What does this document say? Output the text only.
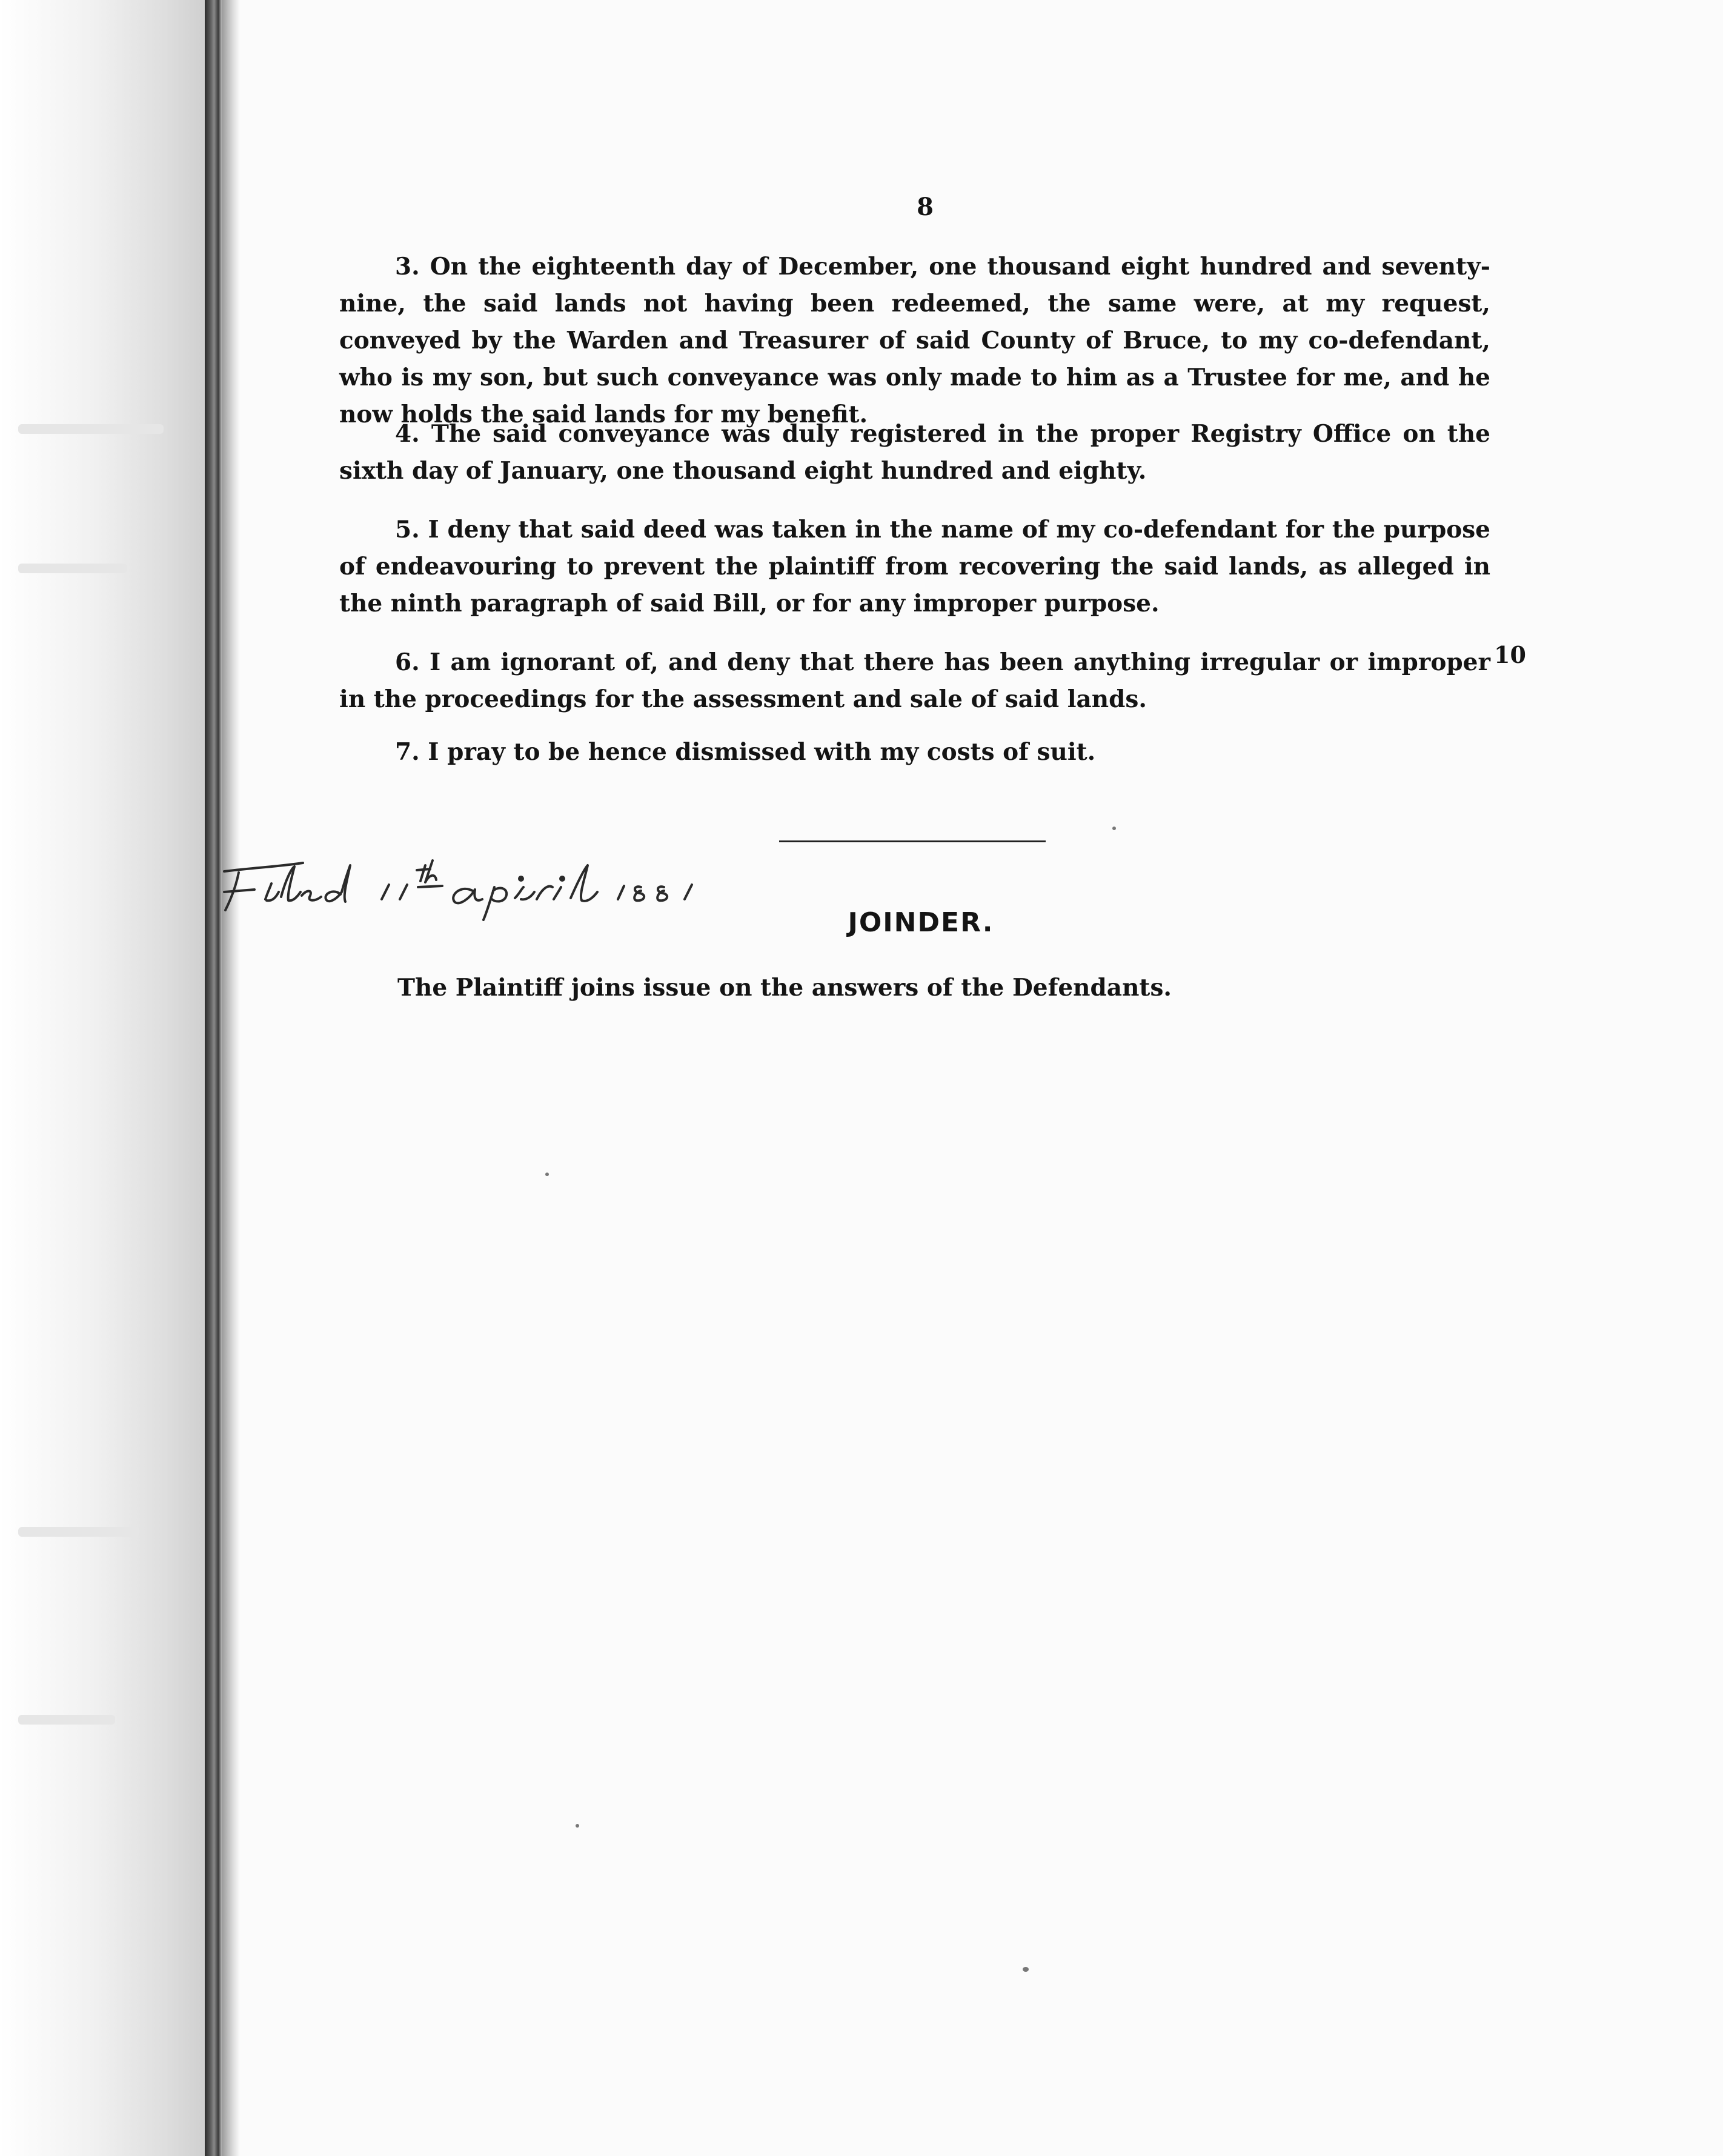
8

3. On the eighteenth day of December, one thousand eight hundred and seventy-nine, the said lands not having been redeemed, the same were, at my request, conveyed by the Warden and Treasurer of said County of Bruce, to my co-defendant, who is my son, but such conveyance was only made to him as a Trustee for me, and he now holds the said lands for my benefit.

4. The said conveyance was duly registered in the proper Registry Office on the sixth day of January, one thousand eight hundred and eighty.

5. I deny that said deed was taken in the name of my co-defendant for the purpose of endeavouring to prevent the plaintiff from recovering the said lands, as alleged in the ninth paragraph of said Bill, or for any improper purpose.

6. I am ignorant of, and deny that there has been anything irregular or improper in the proceedings for the assessment and sale of said lands.

10

7. I pray to be hence dismissed with my costs of suit.

JOINDER.
The Plaintiff joins issue on the answers of the Defendants.
